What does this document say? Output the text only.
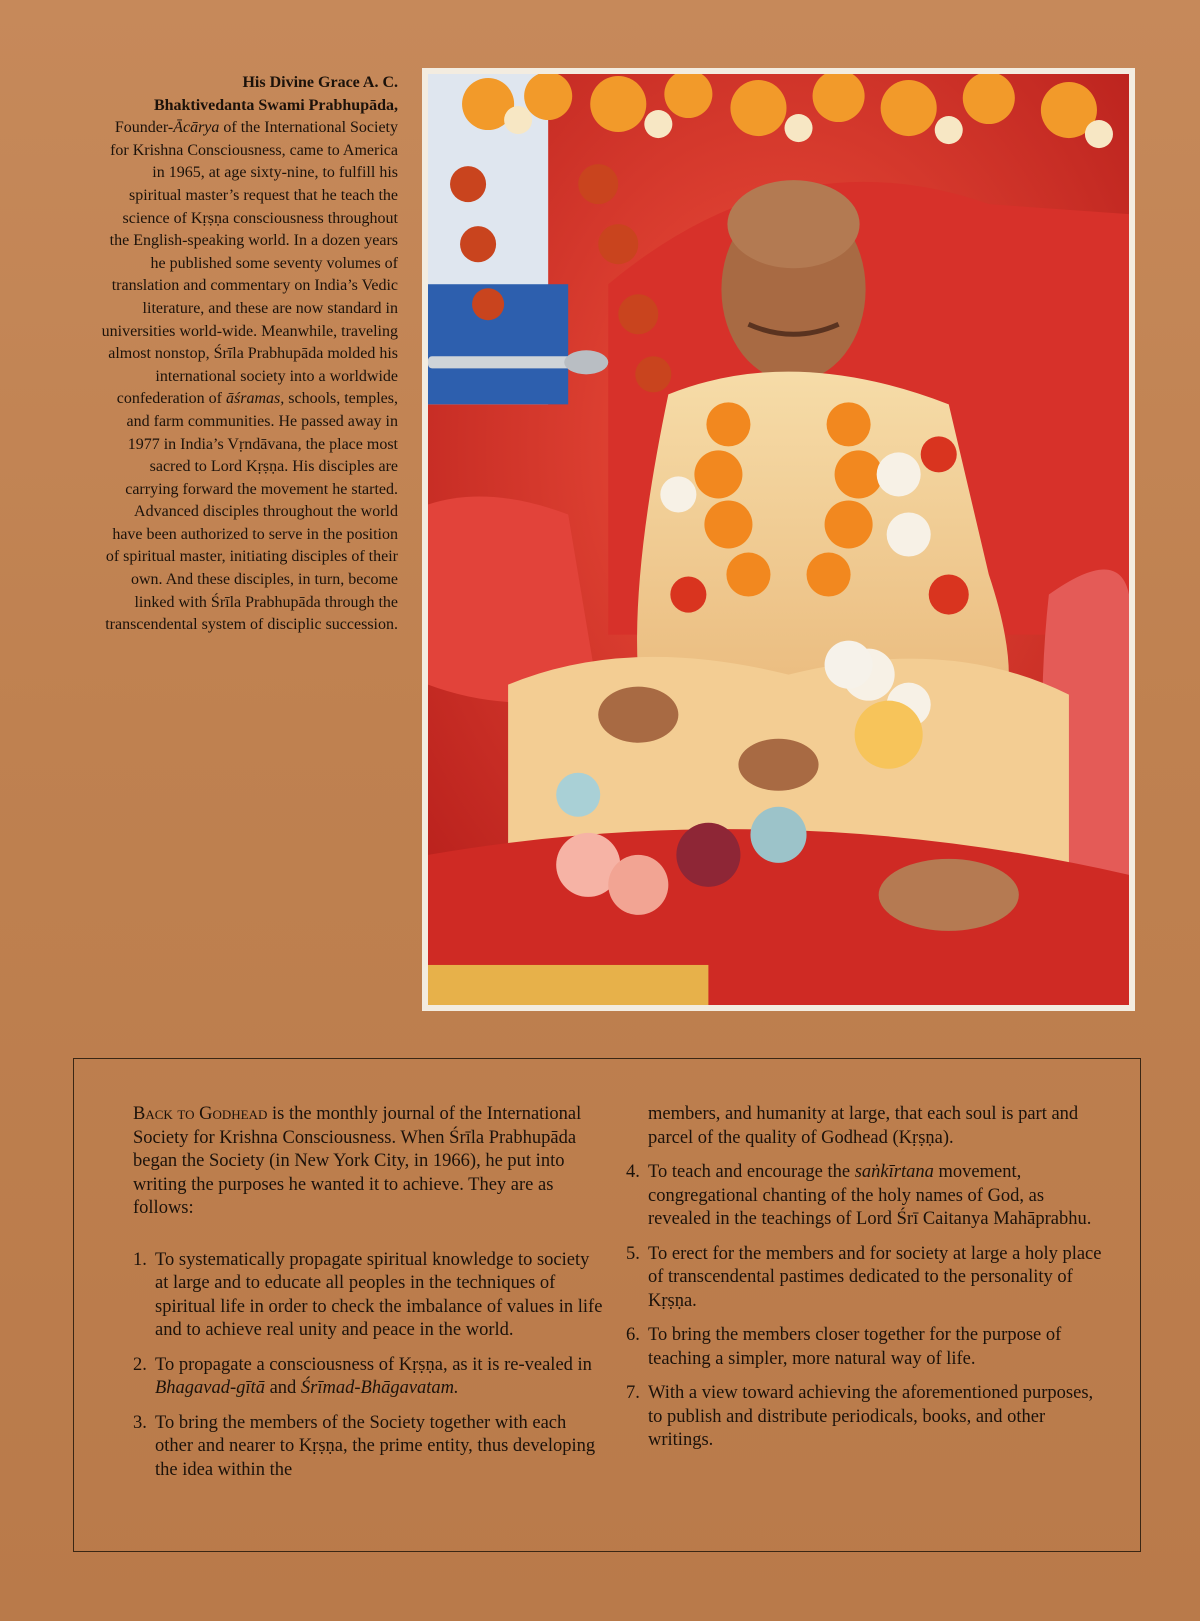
His Divine Grace A. C.
Bhaktivedanta Swami Prabhupāda,
Founder-Ācārya of the International Society for Krishna Consciousness, came to America in 1965, at age sixty-nine, to fulfill his spiritual master’s request that he teach the science of Kṛṣṇa consciousness throughout the English-speaking world. In a dozen years he published some seventy volumes of translation and commentary on India’s Vedic literature, and these are now standard in universities world-wide. Meanwhile, traveling almost nonstop, Śrīla Prabhupāda molded his international society into a worldwide confederation of āśramas, schools, temples, and farm communities. He passed away in 1977 in India’s Vṛndāvana, the place most sacred to Lord Kṛṣṇa. His disciples are carrying forward the movement he started. Advanced disciples throughout the world have been authorized to serve in the position of spiritual master, initiating disciples of their own. And these disciples, in turn, become linked with Śrīla Prabhupāda through the transcendental system of disciplic succession.

Back to Godhead is the monthly journal of the International Society for Krishna Consciousness. When Śrīla Prabhupāda began the Society (in New York City, in 1966), he put into writing the purposes he wanted it to achieve. They are as follows:

1. To systematically propagate spiritual knowledge to society at large and to educate all peoples in the techniques of spiritual life in order to check the imbalance of values in life and to achieve real unity and peace in the world.
2. To propagate a consciousness of Kṛṣṇa, as it is re-vealed in Bhagavad-gītā and Śrīmad-Bhāgavatam.
3. To bring the members of the Society together with each other and nearer to Kṛṣṇa, the prime entity, thus developing the idea within the

members, and humanity at large, that each soul is part and parcel of the quality of Godhead (Kṛṣṇa).

4. To teach and encourage the saṅkīrtana movement, congregational chanting of the holy names of God, as revealed in the teachings of Lord Śrī Caitanya Mahāprabhu.
5. To erect for the members and for society at large a holy place of transcendental pastimes dedicated to the personality of Kṛṣṇa.
6. To bring the members closer together for the purpose of teaching a simpler, more natural way of life.
7. With a view toward achieving the aforementioned purposes, to publish and distribute periodicals, books, and other writings.
